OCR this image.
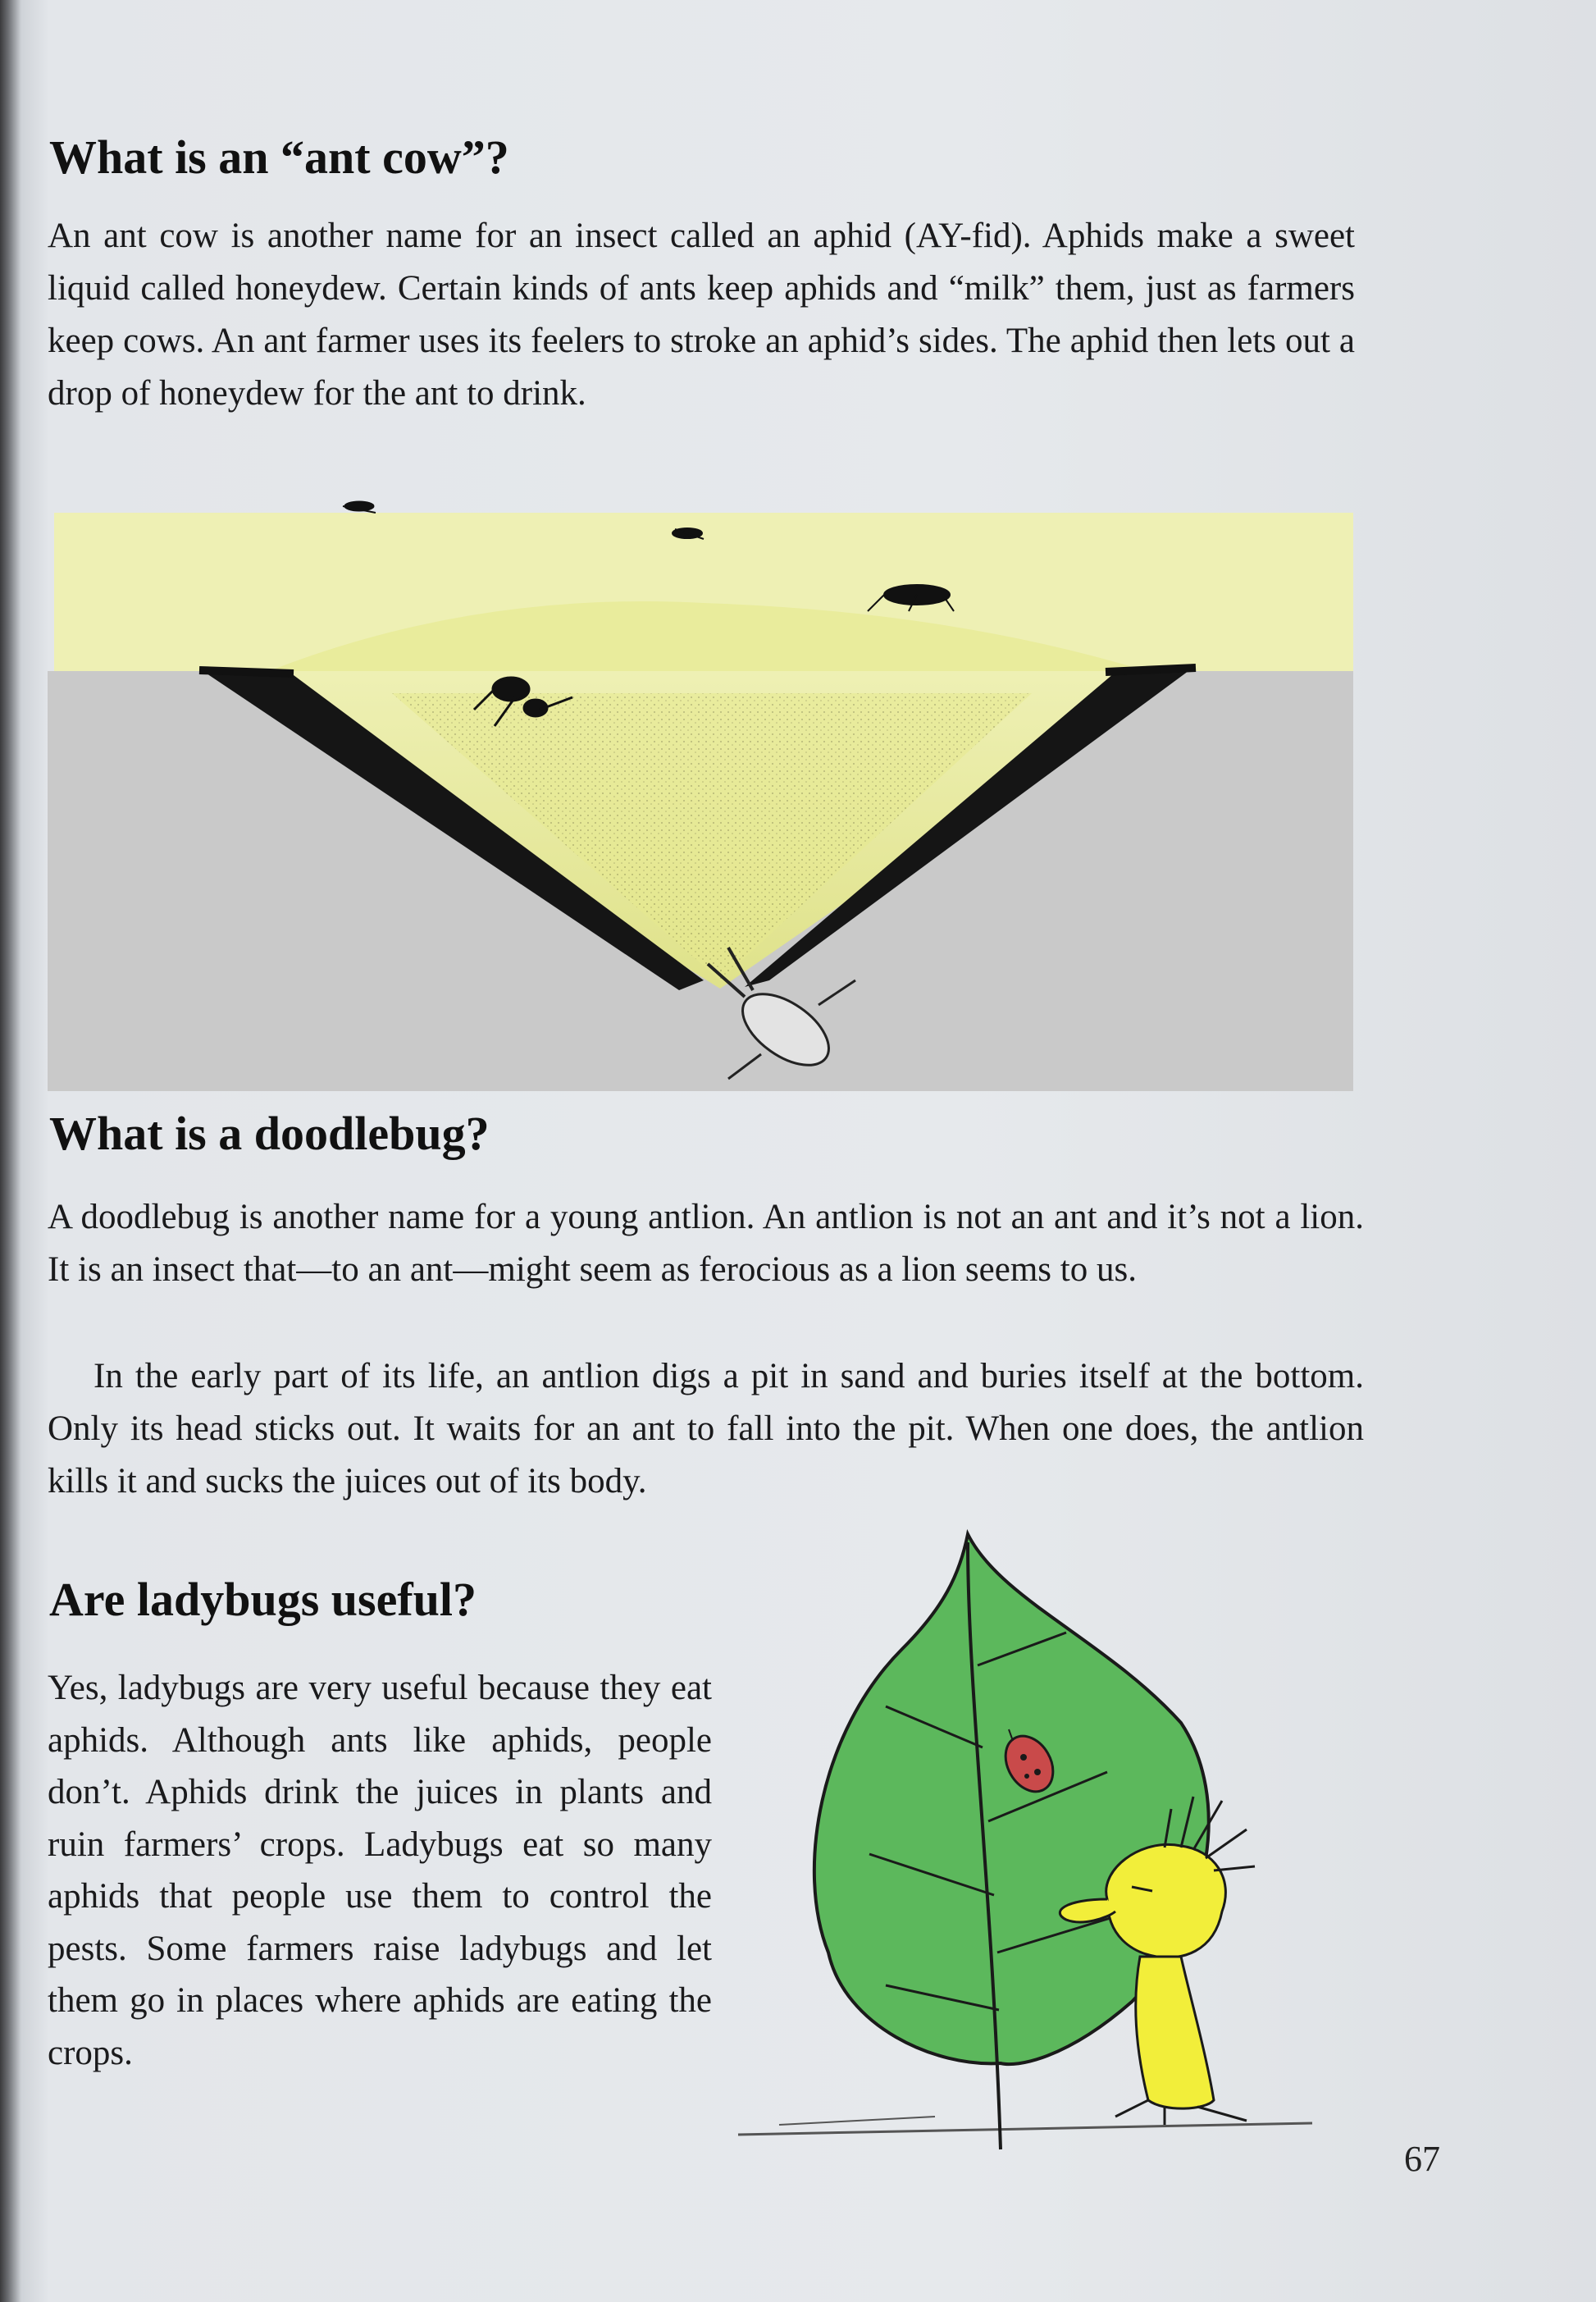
What is an “ant cow”?

An ant cow is another name for an insect called an aphid (AY-fid). Aphids make a sweet liquid called honeydew. Certain kinds of ants keep aphids and “milk” them, just as farmers keep cows. An ant farmer uses its feelers to stroke an aphid’s sides. The aphid then lets out a drop of honeydew for the ant to drink.

What is a doodlebug?

A doodlebug is another name for a young antlion. An antlion is not an ant and it’s not a lion. It is an insect that—to an ant—might seem as ferocious as a lion seems to us.

In the early part of its life, an antlion digs a pit in sand and buries itself at the bottom. Only its head sticks out. It waits for an ant to fall into the pit. When one does, the antlion kills it and sucks the juices out of its body.

Are ladybugs useful?

Yes, ladybugs are very useful because they eat aphids. Although ants like aphids, people don’t. Aphids drink the juices in plants and ruin farmers’ crops. Ladybugs eat so many aphids that people use them to control the pests. Some farmers raise ladybugs and let them go in places where aphids are eating the crops.

67
